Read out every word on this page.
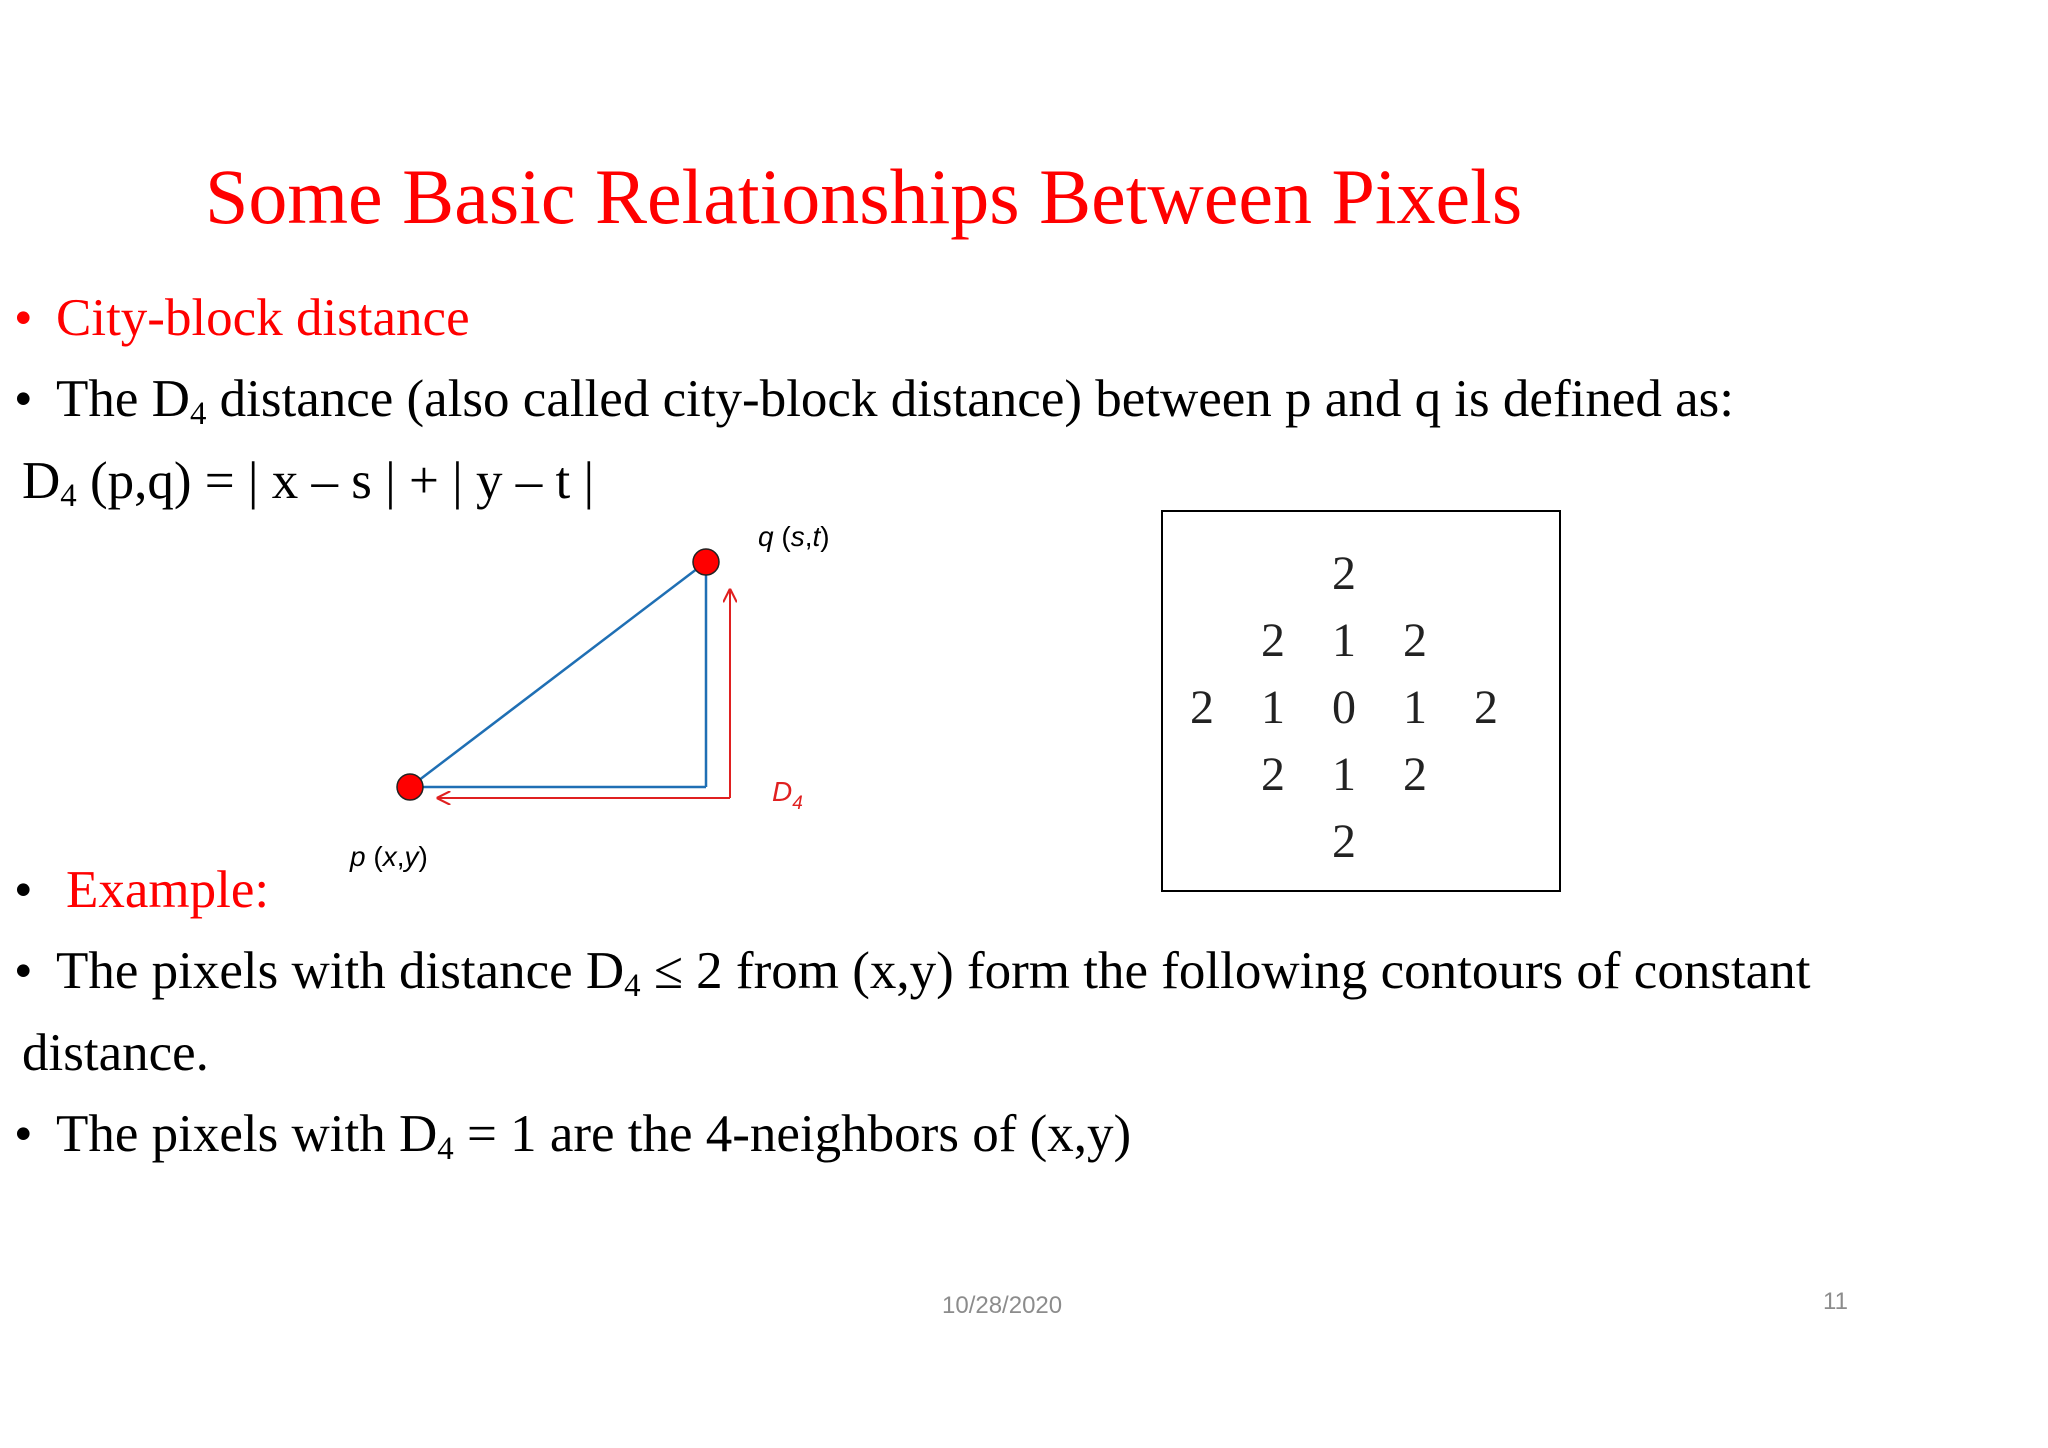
Some Basic Relationships Between Pixels
• City-block distance
• The $D_4$ distance (also called city-block distance) between p and q is defined as:
$D_4$ (p,q) = | x – s | + | y – t |
q (s,t)
p (x,y)
$D_4$
2
2 1 2
2 1 0 1 2
2 1 2
2
• Example:
• The pixels with distance $D_4 \le 2$ from (x,y) form the following contours of constant
distance.
• The pixels with $D_4 = 1$ are the 4-neighbors of (x,y)
10/28/2020	11
